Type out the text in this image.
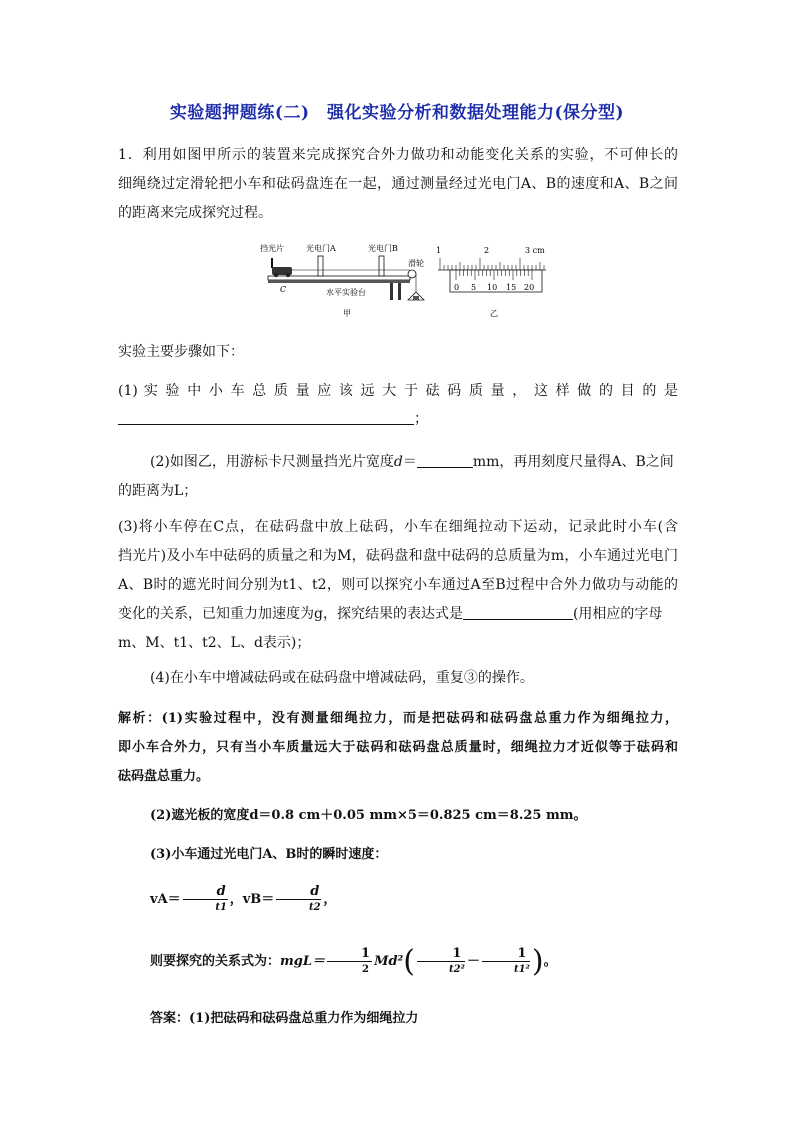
实验题押题练(二)　强化实验分析和数据处理能力(保分型)
1．利用如图甲所示的装置来完成探究合外力做功和动能变化关系的实验，不可伸长的
细绳绕过定滑轮把小车和砝码盘连在一起，通过测量经过光电门A、B的速度和A、B之间
的距离来完成探究过程。
挡光片	光电门A	光电门B
滑轮
C	水平实验台
甲
1	2	3 cm
0 5 10 15 20
乙
实验主要步骤如下：
(1) 实 验 中 小 车 总 质 量 应 该 远 大 于 砝 码 质 量 ， 这 样 做 的 目 的 是
；
(2)如图乙，用游标卡尺测量挡光片宽度d＝	mm，再用刻度尺量得A、B之间
的距离为L；
(3)将小车停在C点，在砝码盘中放上砝码，小车在细绳拉动下运动，记录此时小车(含
挡光片)及小车中砝码的质量之和为M，砝码盘和盘中砝码的总质量为m，小车通过光电门
A、B时的遮光时间分别为t1、t2，则可以探究小车通过A至B过程中合外力做功与动能的
变化的关系，已知重力加速度为g，探究结果的表达式是	(用相应的字母
m、M、t1、t2、L、d表示)；
(4)在小车中增减砝码或在砝码盘中增减砝码，重复③的操作。
解析：(1)实验过程中，没有测量细绳拉力，而是把砝码和砝码盘总重力作为细绳拉力，
即小车合外力，只有当小车质量远大于砝码和砝码盘总质量时，细绳拉力才近似等于砝码和
砝码盘总重力。
(2)遮光板的宽度d＝0.8 cm＋0.05 mm×5＝0.825 cm＝8.25 mm。
(3)小车通过光电门A、B时的瞬时速度：
$vA= \frac{d}{t1}$ ，$vB= \frac{d}{t2}$ ，
则要探究的关系式为：$mgL= \frac{1}{2} Md^2( \frac{1}{\text{t2²}} - \frac{1}{\text{t1²}}$ )。
答案：(1)把砝码和砝码盘总重力作为细绳拉力
